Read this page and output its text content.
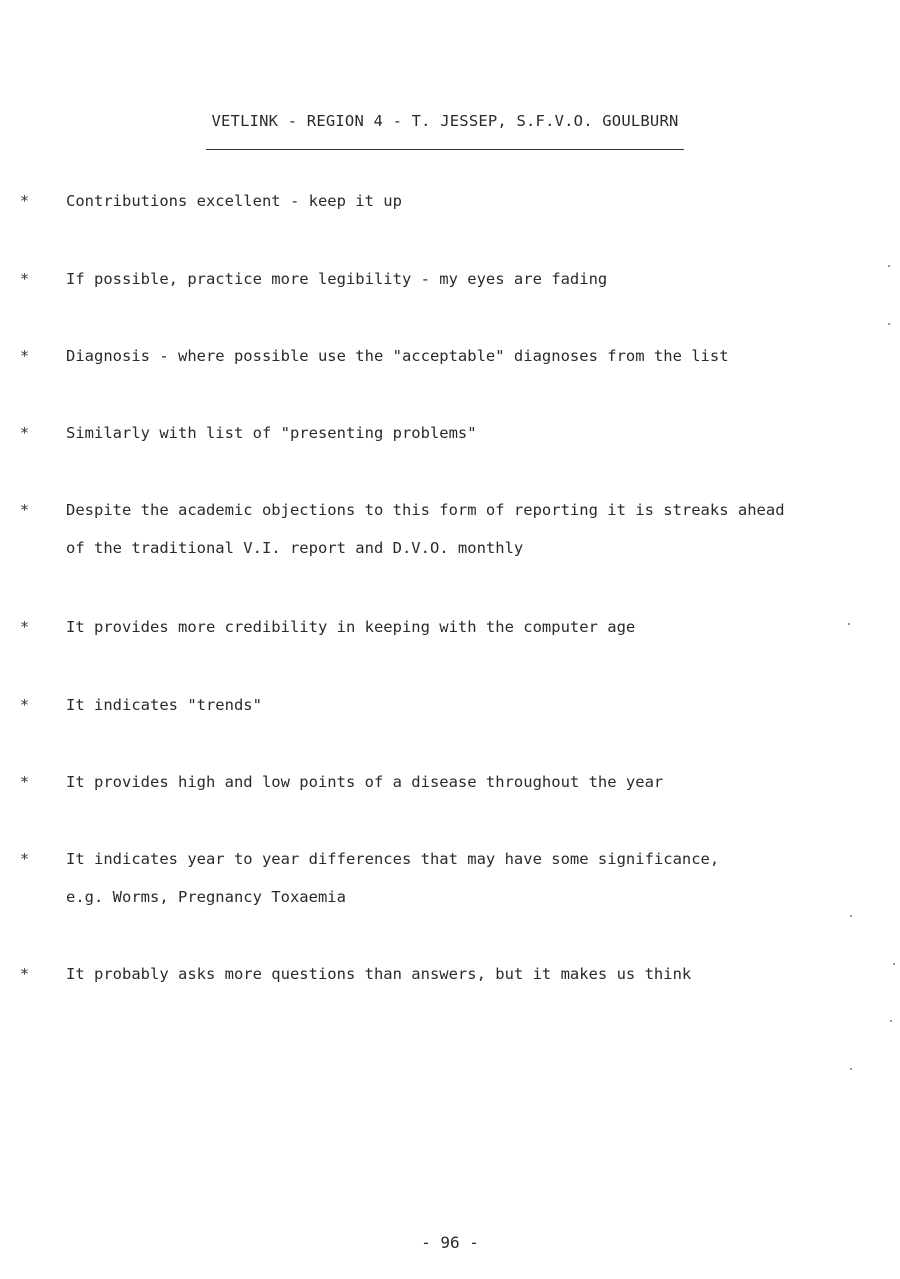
VETLINK - REGION 4 - T. JESSEP, S.F.V.O. GOULBURN
* Contributions excellent - keep it up
* If possible, practice more legibility - my eyes are fading
* Diagnosis - where possible use the "acceptable" diagnoses from the list
* Similarly with list of "presenting problems"
* Despite the academic objections to this form of reporting it is streaks ahead
of the traditional V.I. report and D.V.O. monthly
* It provides more credibility in keeping with the computer age
* It indicates "trends"
* It provides high and low points of a disease throughout the year
* It indicates year to year differences that may have some significance,
e.g. Worms, Pregnancy Toxaemia
* It probably asks more questions than answers, but it makes us think
- 96 -
